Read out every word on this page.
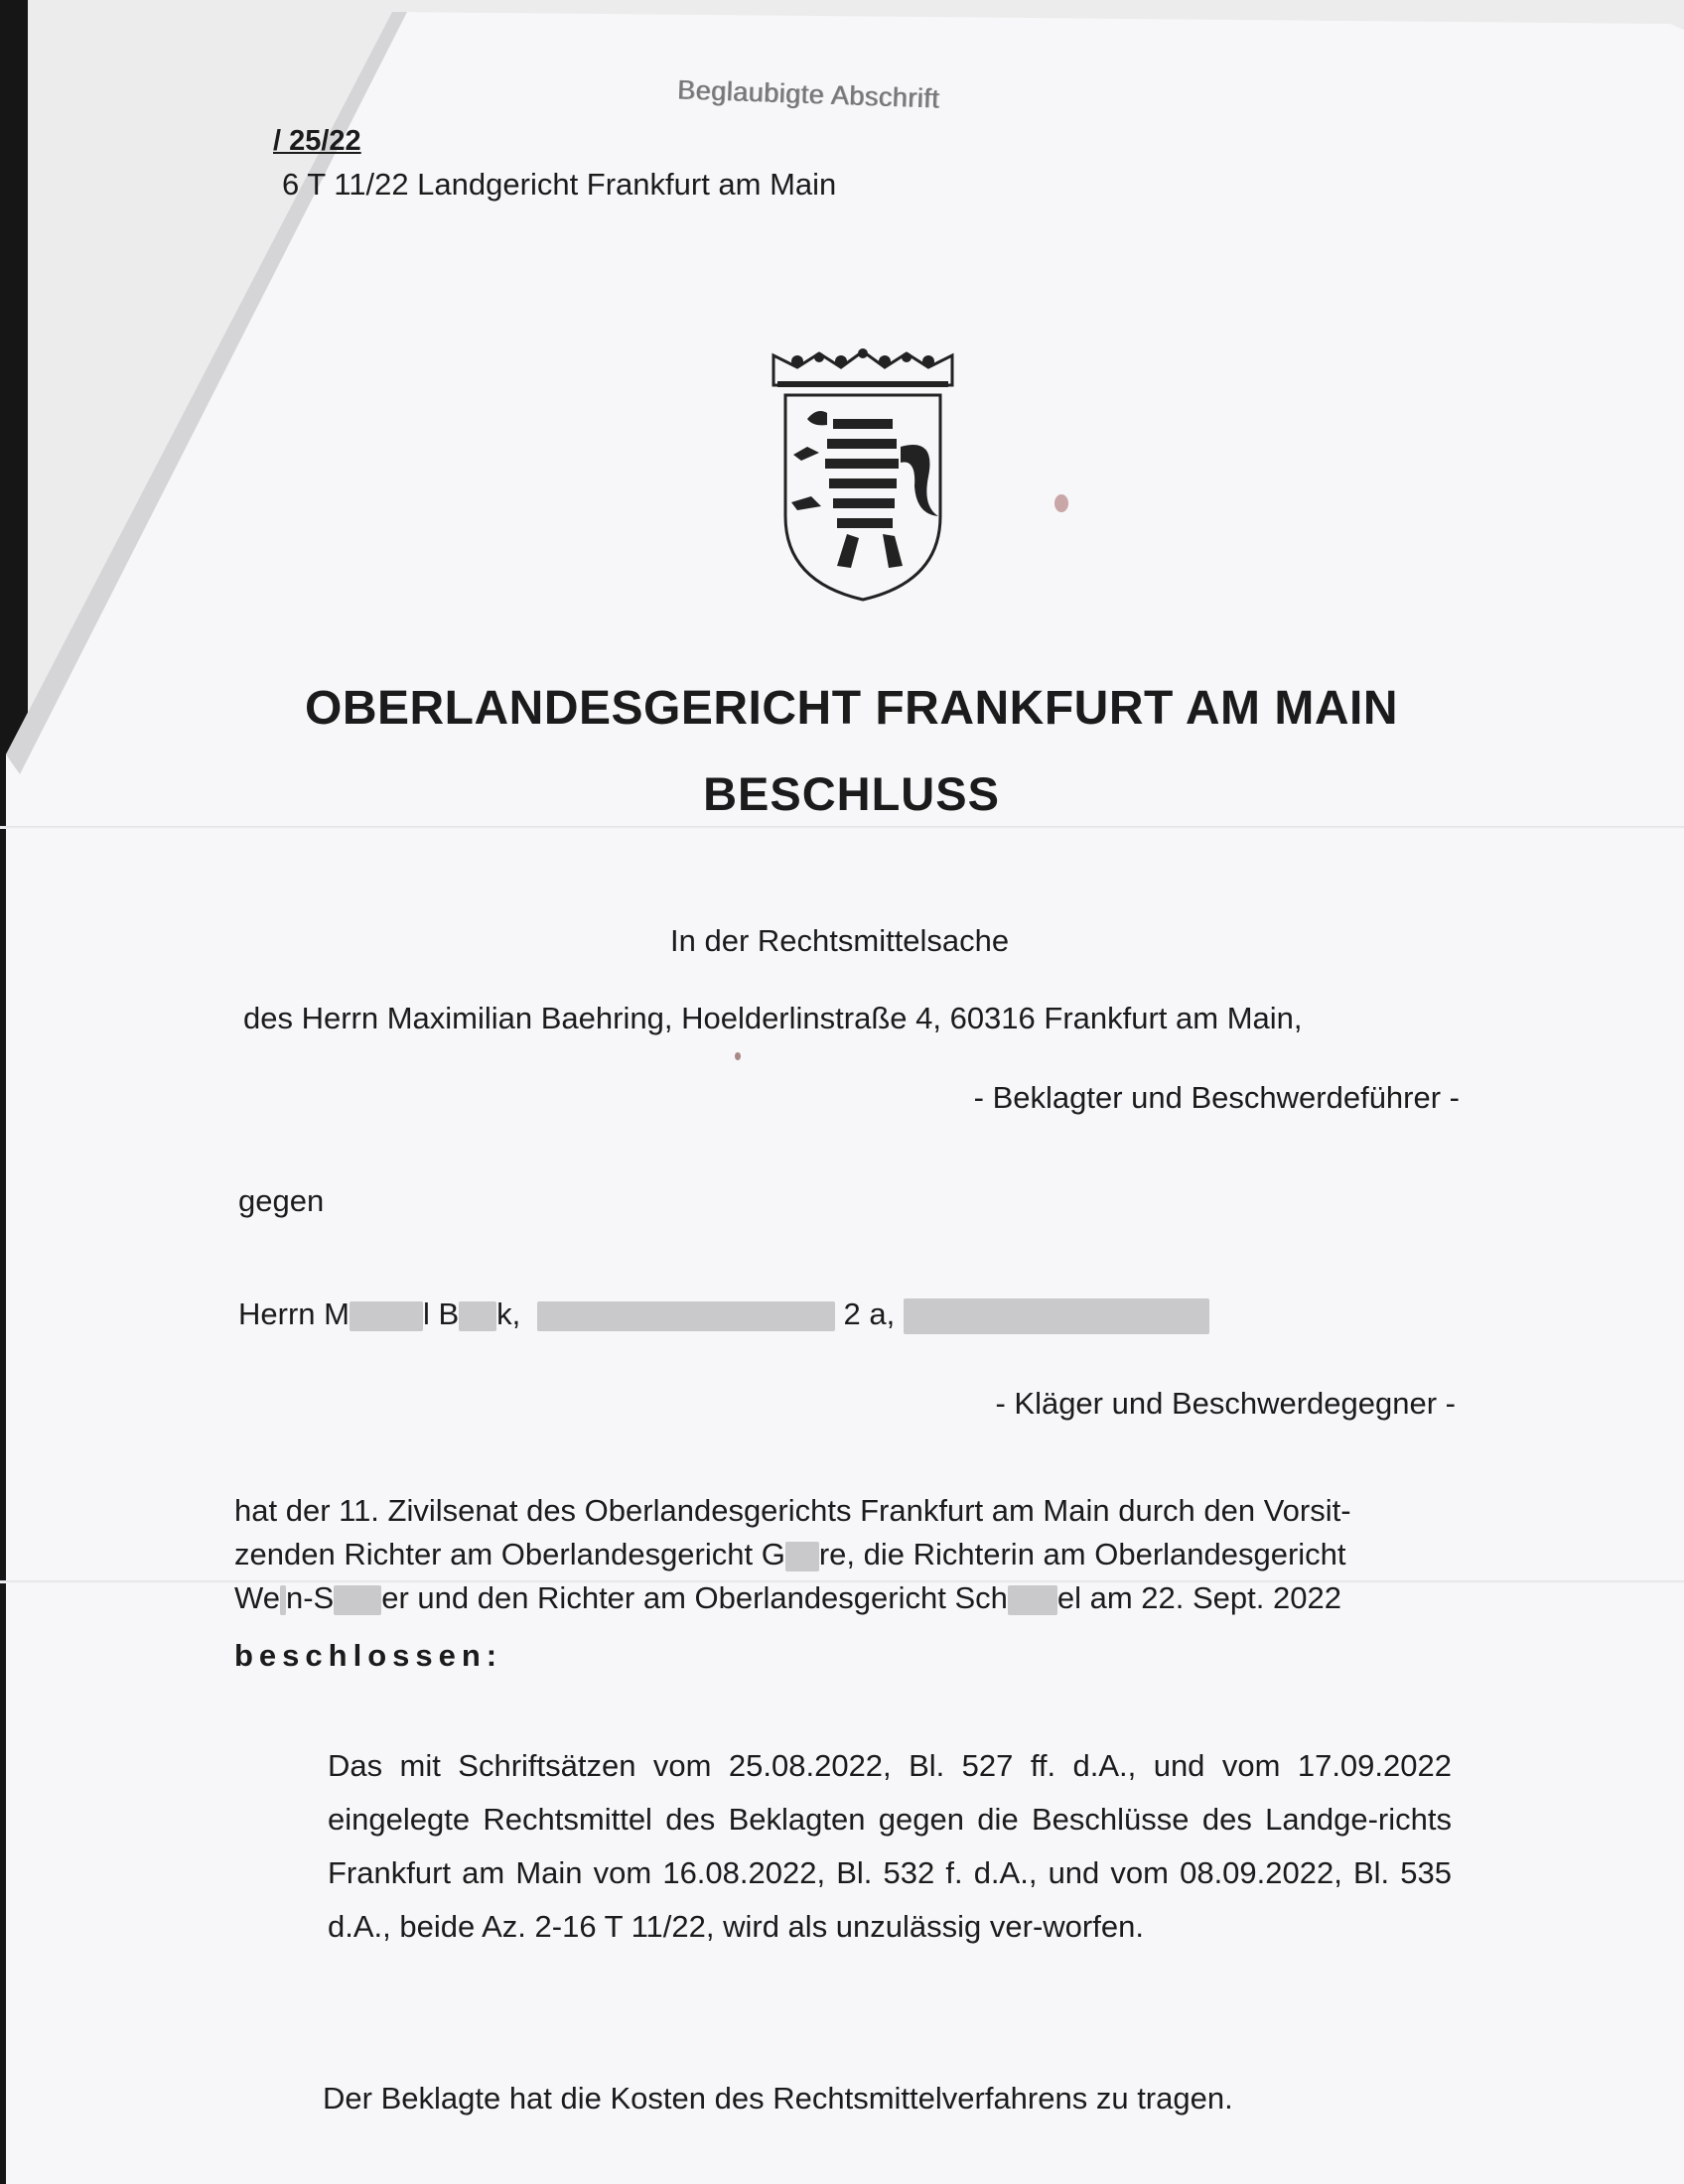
Beglaubigte Abschrift
/ 25/22
6 T 11/22 Landgericht Frankfurt am Main
OBERLANDESGERICHT FRANKFURT AM MAIN
BESCHLUSS
In der Rechtsmittelsache
des Herrn Maximilian Baehring, Hoelderlinstraße 4, 60316 Frankfurt am Main,
- Beklagter und Beschwerdeführer -
gegen
Herrn M l B k,	2 a,
- Kläger und Beschwerdegegner -
hat der 11. Zivilsenat des Oberlandesgerichts Frankfurt am Main durch den Vorsit-
zenden Richter am Oberlandesgericht G re, die Richterin am Oberlandesgericht
We n-S er und den Richter am Oberlandesgericht Sch el am 22. Sept. 2022
beschlossen:
Das mit Schriftsätzen vom 25.08.2022, Bl. 527 ff. d.A., und vom 17.09.2022 eingelegte Rechtsmittel des Beklagten gegen die Beschlüsse des Landge-richts Frankfurt am Main vom 16.08.2022, Bl. 532 f. d.A., und vom 08.09.2022, Bl. 535 d.A., beide Az. 2-16 T 11/22, wird als unzulässig ver-worfen.
Der Beklagte hat die Kosten des Rechtsmittelverfahrens zu tragen.
